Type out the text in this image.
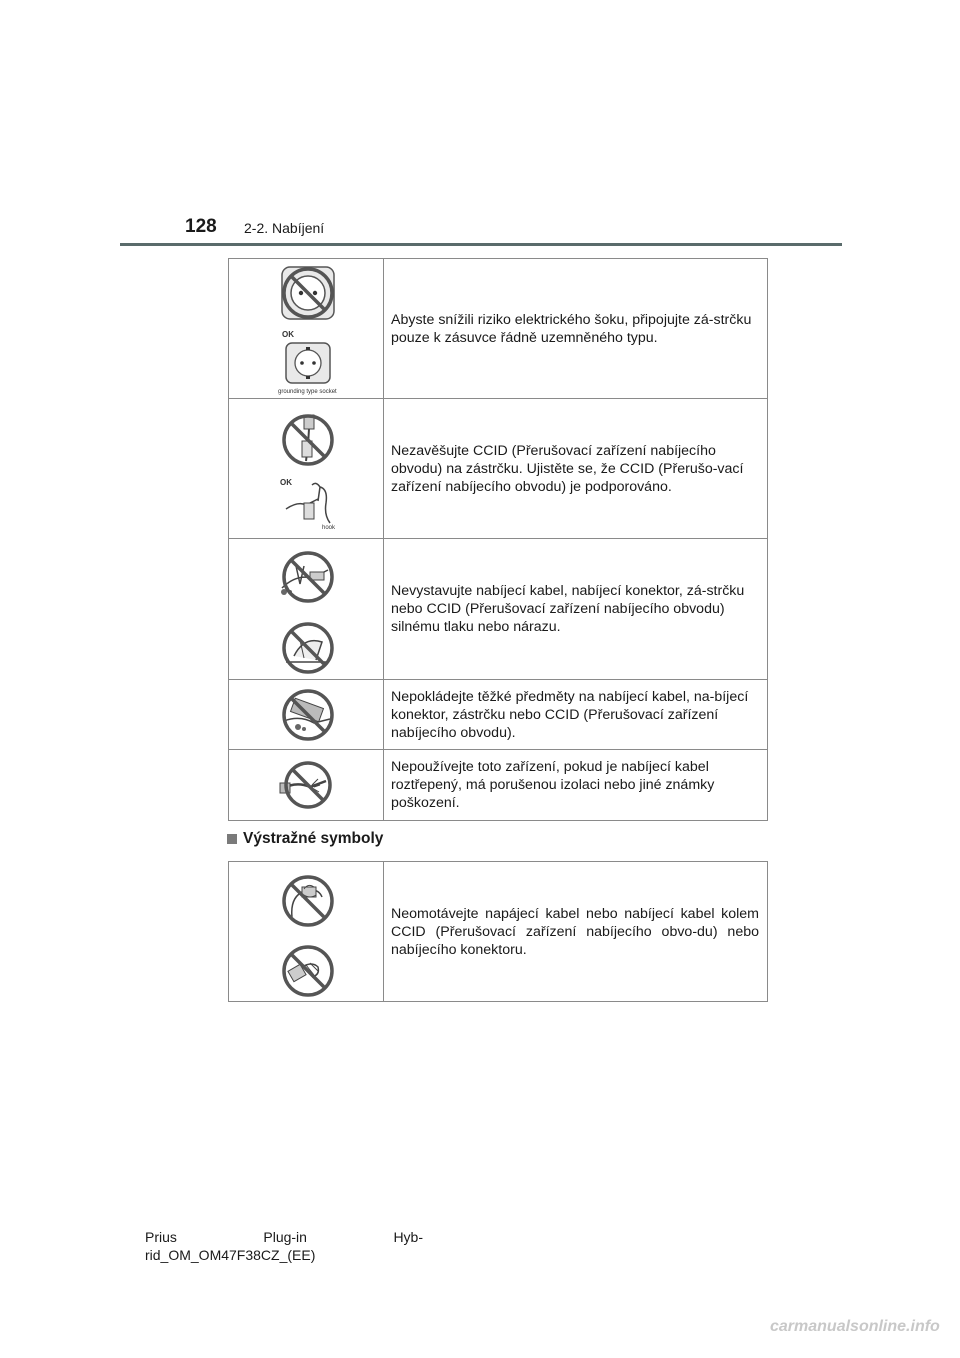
128 2-2. Nabíjení
OK
grounding type socket	Abyste snížili riziko elektrického šoku, připojujte zá-strčku pouze k zásuvce řádně uzemněného typu.

OK
hook	Nezavěšujte CCID (Přerušovací zařízení nabíjecího obvodu) na zástrčku. Ujistěte se, že CCID (Přerušo-vací zařízení nabíjecího obvodu) je podporováno.

	Nevystavujte nabíjecí kabel, nabíjecí konektor, zá-strčku nebo CCID (Přerušovací zařízení nabíjecího obvodu) silnému tlaku nebo nárazu.

	Nepokládejte těžké předměty na nabíjecí kabel, na-bíjecí konektor, zástrčku nebo CCID (Přerušovací zařízení nabíjecího obvodu).

	Nepoužívejte toto zařízení, pokud je nabíjecí kabel roztřepený, má porušenou izolaci nebo jiné známky poškození.
Výstražné symboly
	Neomotávejte napájecí kabel nebo nabíjecí kabel kolem CCID (Přerušovací zařízení nabíjecího obvo-du) nebo nabíjecího konektoru.
Prius	Plug-in	Hyb-
rid_OM_OM47F38CZ_(EE)
carmanualsonline.info
